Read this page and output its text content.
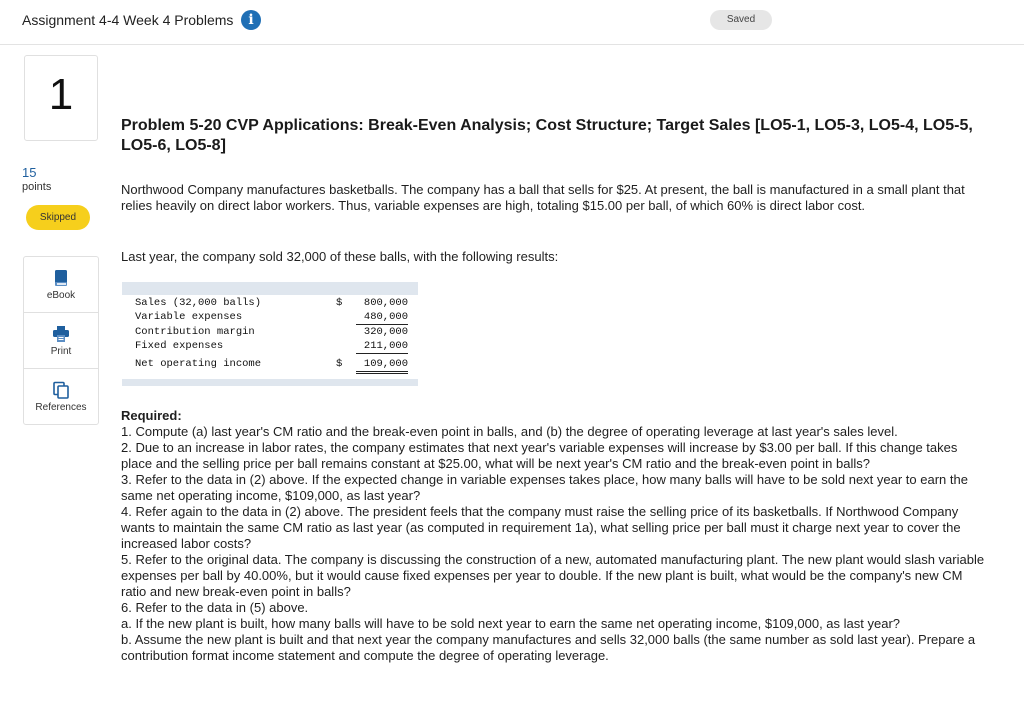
Assignment 4-4 Week 4 Problems	i	Saved
1
15
points
Skipped
eBook
Print
References
Problem 5-20 CVP Applications: Break-Even Analysis; Cost Structure; Target Sales [LO5-1, LO5-3, LO5-4, LO5-5, LO5-6, LO5-8]
Northwood Company manufactures basketballs. The company has a ball that sells for $25. At present, the ball is manufactured in a small plant that relies heavily on direct labor workers. Thus, variable expenses are high, totaling $15.00 per ball, of which 60% is direct labor cost.
Last year, the company sold 32,000 of these balls, with the following results:
Sales (32,000 balls)	$	800,000
Variable expenses	480,000
Contribution margin	320,000
Fixed expenses	211,000
Net operating income	$	109,000

Required:

1. Compute (a) last year's CM ratio and the break-even point in balls, and (b) the degree of operating leverage at last year's sales level.

2. Due to an increase in labor rates, the company estimates that next year's variable expenses will increase by $3.00 per ball. If this change takes place and the selling price per ball remains constant at $25.00, what will be next year's CM ratio and the break-even point in balls?

3. Refer to the data in (2) above. If the expected change in variable expenses takes place, how many balls will have to be sold next year to earn the same net operating income, $109,000, as last year?

4. Refer again to the data in (2) above. The president feels that the company must raise the selling price of its basketballs. If Northwood Company wants to maintain the same CM ratio as last year (as computed in requirement 1a), what selling price per ball must it charge next year to cover the increased labor costs?

5. Refer to the original data. The company is discussing the construction of a new, automated manufacturing plant. The new plant would slash variable expenses per ball by 40.00%, but it would cause fixed expenses per year to double. If the new plant is built, what would be the company's new CM ratio and new break-even point in balls?

6. Refer to the data in (5) above.

a. If the new plant is built, how many balls will have to be sold next year to earn the same net operating income, $109,000, as last year?

b. Assume the new plant is built and that next year the company manufactures and sells 32,000 balls (the same number as sold last year). Prepare a contribution format income statement and compute the degree of operating leverage.
